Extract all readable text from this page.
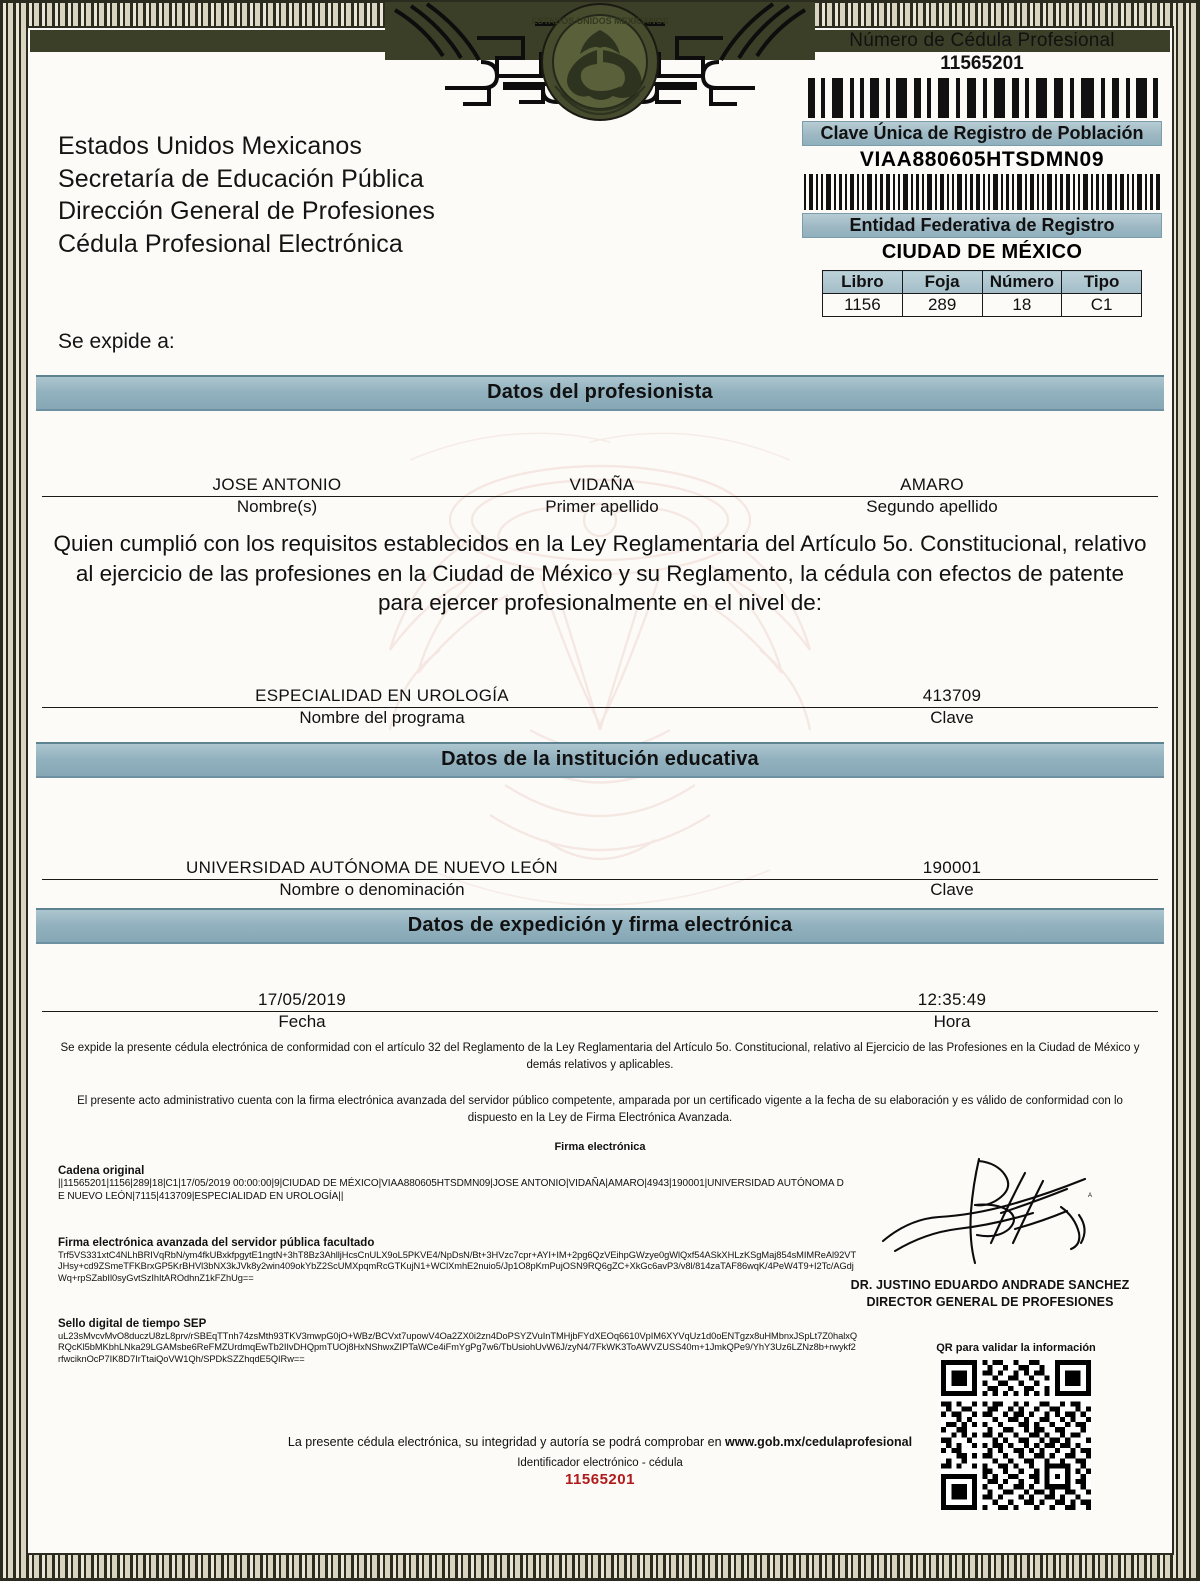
ESTADOS UNIDOS MEXICANOS
Estados Unidos Mexicanos
Secretaría de Educación Pública
Dirección General de Profesiones
Cédula Profesional Electrónica
Se expide a:
Número de Cédula Profesional
11565201
Clave Única de Registro de Población
VIAA880605HTSDMN09
Entidad Federativa de Registro
CIUDAD DE MÉXICO
Libro	Foja	Número	Tipo
1156	289	18	C1
Datos del profesionista
JOSE ANTONIO	VIDAÑA	AMARO
Nombre(s)	Primer apellido	Segundo apellido
Quien cumplió con los requisitos establecidos en la Ley Reglamentaria del Artículo 5o. Constitucional, relativo al ejercicio de las profesiones en la Ciudad de México y su Reglamento, la cédula con efectos de patente para ejercer profesionalmente en el nivel de:
ESPECIALIDAD EN UROLOGÍA	413709
Nombre del programa	Clave
Datos de la institución educativa
UNIVERSIDAD AUTÓNOMA DE NUEVO LEÓN	190001
Nombre o denominación	Clave
Datos de expedición y firma electrónica
17/05/2019	12:35:49
Fecha	Hora
Se expide la presente cédula electrónica de conformidad con el artículo 32 del Reglamento de la Ley Reglamentaria del Artículo 5o. Constitucional, relativo al Ejercicio de las Profesiones en la Ciudad de México y demás relativos y aplicables.
El presente acto administrativo cuenta con la firma electrónica avanzada del servidor público competente, amparada por un certificado vigente a la fecha de su elaboración y es válido de conformidad con lo dispuesto en la Ley de Firma Electrónica Avanzada.
Firma electrónica
Cadena original
||11565201|1156|289|18|C1|17/05/2019 00:00:00|9|CIUDAD DE MÉXICO|VIAA880605HTSDMN09|JOSE ANTONIO|VIDAÑA|AMARO|4943|190001|UNIVERSIDAD AUTÓNOMA DE NUEVO LEÓN|7115|413709|ESPECIALIDAD EN UROLOGÍA||
Firma electrónica avanzada del servidor pública facultado
Trf5VS331xtC4NLhBRIVqRbN/ym4fkUBxkfpgytE1ngtN+3hT8Bz3AhlljHcsCnULX9oL5PKVE4/NpDsN/Bt+3HVzc7cpr+AYI+IM+2pg6QzVEihpGWzye0gWlQxf54ASkXHLzKSgMaj854sMIMReAl92VTJHsy+cd9ZSmeTFKBrxGP5KrBHVl3bNX3kJVk8y2win409okYbZ2ScUMXpqmRcGTKujN1+WClXmhE2nuio5/Jp1O8pKmPujOSN9RQ6gZC+XkGc6avP3/v8l/814zaTAF86wqK/4PeW4T9+I2Tc/AGdjWq+rpSZabIl0syGvtSzIhItAROdhnZ1kFZhUg==
Sello digital de tiempo SEP
uL23sMvcvMvO8duczU8zL8prv/rSBEqTTnh74zsMth93TKV3mwpG0jO+WBz/BCVxt7upowV4Oa2ZX0i2zn4DoPSYZVuInTMHjbFYdXEOq6610VpIM6XYVqUz1d0oENTgzx8uHMbnxJSpLt7Z0halxQRQcKl5bMKbhLNka29LGAMsbe6ReFMZUrdmqEwTb2IIvDHQpmTUOj8HxNShwxZIPTaWCe4iFmYgPg7w6/TbUsiohUvW6J/zyN4/7FkWK3ToAWVZUSS40m+1JmkQPe9/YhY3Uz6LZNz8b+rwykf2rfwciknOcP7IK8D7IrTtaiQoVW1Qh/SPDkSZZhqdE5QIRw==
A
DR. JUSTINO EDUARDO ANDRADE SANCHEZ
DIRECTOR GENERAL DE PROFESIONES
QR para validar la información
La presente cédula electrónica, su integridad y autoría se podrá comprobar en www.gob.mx/cedulaprofesional
Identificador electrónico - cédula
11565201
